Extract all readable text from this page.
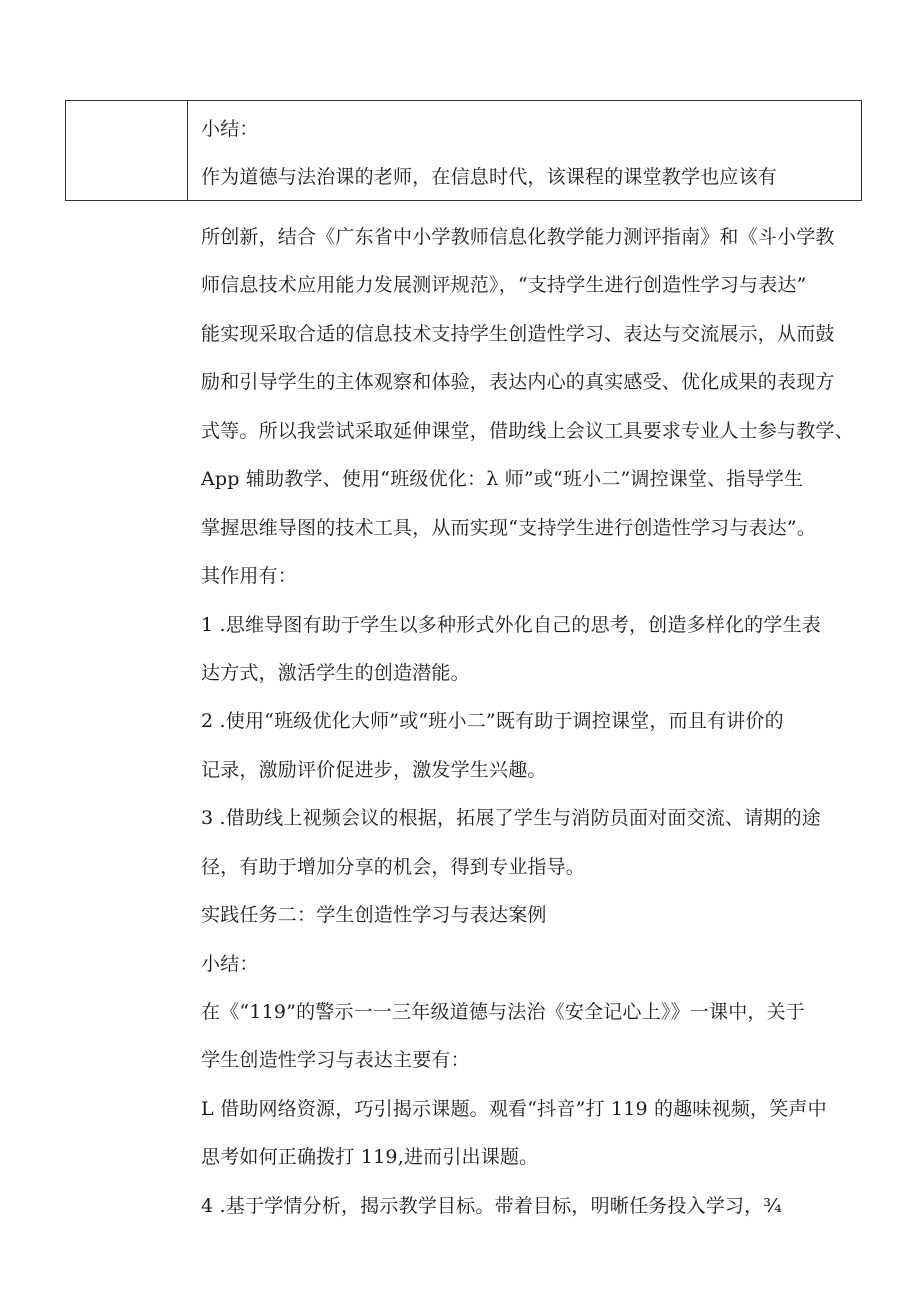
小结：
作为道德与法治课的老师，在信息时代，该课程的课堂教学也应该有
所创新，结合《广东省中小学教师信息化教学能力测评指南》和《斗小学教
师信息技术应用能力发展测评规范》，“支持学生进行创造性学习与表达”
能实现采取合适的信息技术支持学生创造性学习、表达与交流展示，从而鼓
励和引导学生的主体观察和体验，表达内心的真实感受、优化成果的表现方
式等。所以我尝试采取延伸课堂，借助线上会议工具要求专业人士参与教学、
App 辅助教学、使用“班级优化：λ 师”或“班小二”调控课堂、指导学生
掌握思维导图的技术工具，从而实现“支持学生进行创造性学习与表达”。
其作用有：
1 .思维导图有助于学生以多种形式外化自己的思考，创造多样化的学生表
达方式，激活学生的创造潜能。
2 .使用“班级优化大师”或“班小二”既有助于调控课堂，而且有讲价的
记录，激励评价促进步，激发学生兴趣。
3 .借助线上视频会议的根据，拓展了学生与消防员面对面交流、请期的途
径，有助于增加分享的机会，得到专业指导。
实践任务二：学生创造性学习与表达案例
小结：
在《“119”的警示一一三年级道德与法治《安全记心上》》一课中，关于
学生创造性学习与表达主要有：
L 借助网络资源，巧引揭示课题。观看“抖音”打 119 的趣味视频，笑声中
思考如何正确拨打 119,进而引出课题。
4 .基于学情分析，揭示教学目标。带着目标，明晰任务投入学习，¾
